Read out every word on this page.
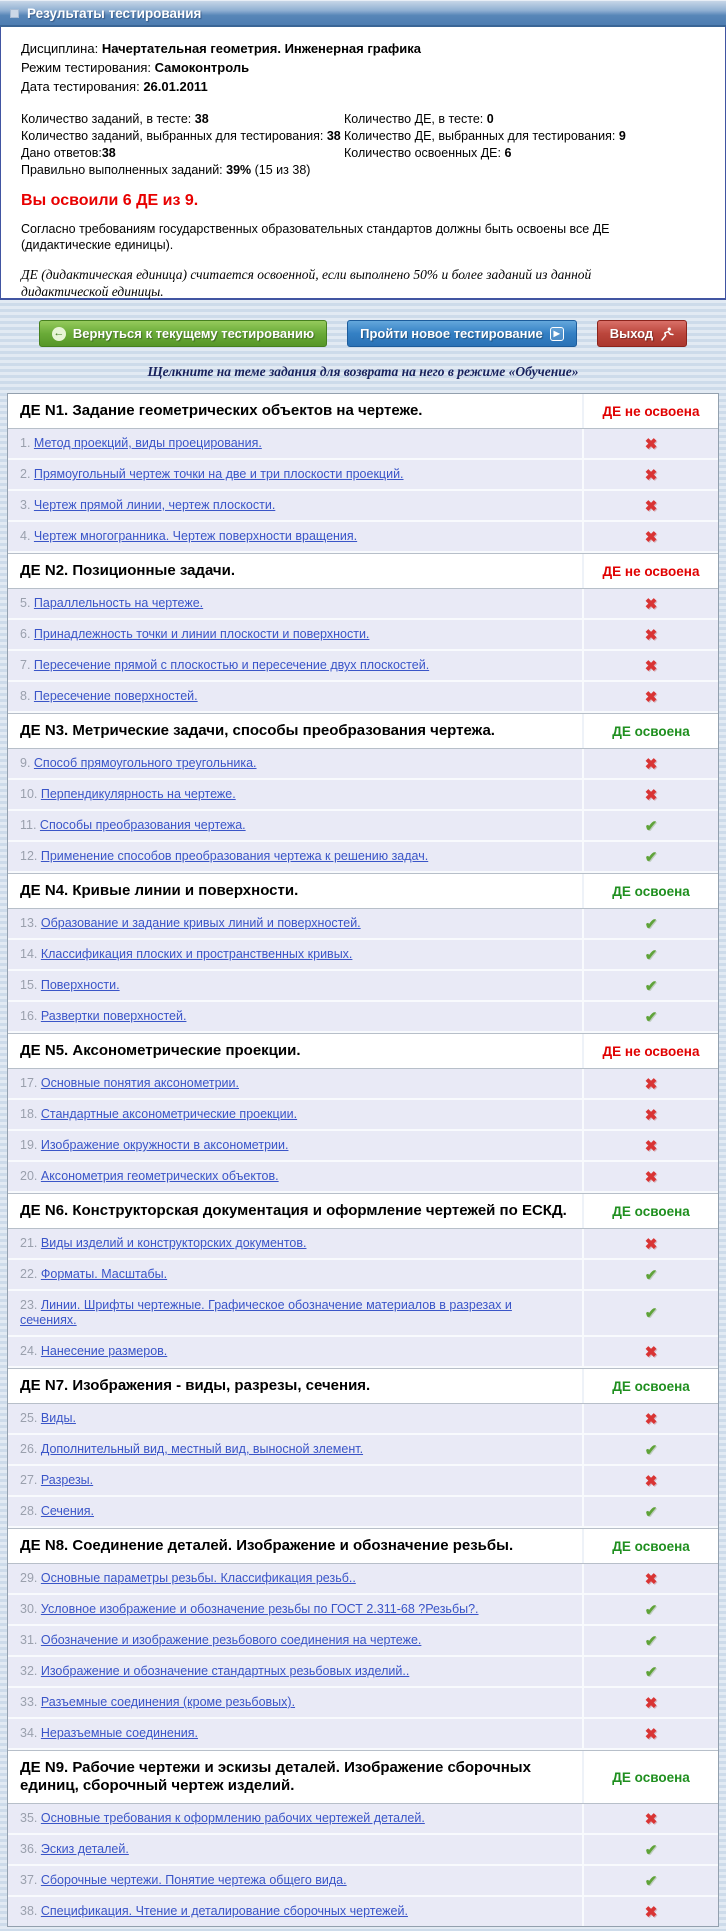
Результаты тестирования
Дисциплина: Начертательная геометрия. Инженерная графика
Режим тестирования: Самоконтроль
Дата тестирования: 26.01.2011
Количество заданий, в тесте: 38
Количество заданий, выбранных для тестирования: 38
Дано ответов:38
Правильно выполненных заданий: 39% (15 из 38)
Количество ДЕ, в тесте: 0
Количество ДЕ, выбранных для тестирования: 9
Количество освоенных ДЕ: 6
Вы освоили 6 ДЕ из 9.
Согласно требованиям государственных образовательных стандартов должны быть освоены все ДЕ (дидактические единицы).
ДЕ (дидактическая единица) считается освоенной, если выполнено 50% и более заданий из данной дидактической единицы.
← Вернуться к текущему тестированию	Пройти новое тестирование	▶	Выход
Щелкните на теме задания для возврата на него в режиме «Обучение»
ДЕ N1. Задание геометрических объектов на чертеже.	ДЕ не освоена
1. Метод проекций, виды проецирования.	✖
2. Прямоугольный чертеж точки на две и три плоскости проекций.	✖
3. Чертеж прямой линии, чертеж плоскости.	✖
4. Чертеж многогранника. Чертеж поверхности вращения.	✖
ДЕ N2. Позиционные задачи.	ДЕ не освоена
5. Параллельность на чертеже.	✖
6. Принадлежность точки и линии плоскости и поверхности.	✖
7. Пересечение прямой с плоскостью и пересечение двух плоскостей.	✖
8. Пересечение поверхностей.	✖
ДЕ N3. Метрические задачи, способы преобразования чертежа.	ДЕ освоена
9. Способ прямоугольного треугольника.	✖
10. Перпендикулярность на чертеже.	✖
11. Способы преобразования чертежа.	✔
12. Применение способов преобразования чертежа к решению задач.	✔
ДЕ N4. Кривые линии и поверхности.	ДЕ освоена
13. Образование и задание кривых линий и поверхностей.	✔
14. Классификация плоских и пространственных кривых.	✔
15. Поверхности.	✔
16. Развертки поверхностей.	✔
ДЕ N5. Аксонометрические проекции.	ДЕ не освоена
17. Основные понятия аксонометрии.	✖
18. Стандартные аксонометрические проекции.	✖
19. Изображение окружности в аксонометрии.	✖
20. Аксонометрия геометрических объектов.	✖
ДЕ N6. Конструкторская документация и оформление чертежей по ЕСКД.	ДЕ освоена
21. Виды изделий и конструкторских документов.	✖
22. Форматы. Масштабы.	✔
23. Линии. Шрифты чертежные. Графическое обозначение материалов в разрезах и сечениях.	✔
24. Нанесение размеров.	✖
ДЕ N7. Изображения - виды, разрезы, сечения.	ДЕ освоена
25. Виды.	✖
26. Дополнительный вид, местный вид, выносной злемент.	✔
27. Разрезы.	✖
28. Сечения.	✔
ДЕ N8. Соединение деталей. Изображение и обозначение резьбы.	ДЕ освоена
29. Основные параметры резьбы. Классификация резьб..	✖
30. Условное изображение и обозначение резьбы по ГОСТ 2.311-68 ?Резьбы?.	✔
31. Обозначение и изображение резьбового соединения на чертеже.	✔
32. Изображение и обозначение стандартных резьбовых изделий..	✔
33. Разъемные соединения (кроме резьбовых).	✖
34. Неразъемные соединения.	✖
ДЕ N9. Рабочие чертежи и эскизы деталей. Изображение сборочных единиц, сборочный чертеж изделий.	ДЕ освоена
35. Основные требования к оформлению рабочих чертежей деталей.	✖
36. Эскиз деталей.	✔
37. Сборочные чертежи. Понятие чертежа общего вида.	✔
38. Спецификация. Чтение и деталирование сборочных чертежей.	✖
